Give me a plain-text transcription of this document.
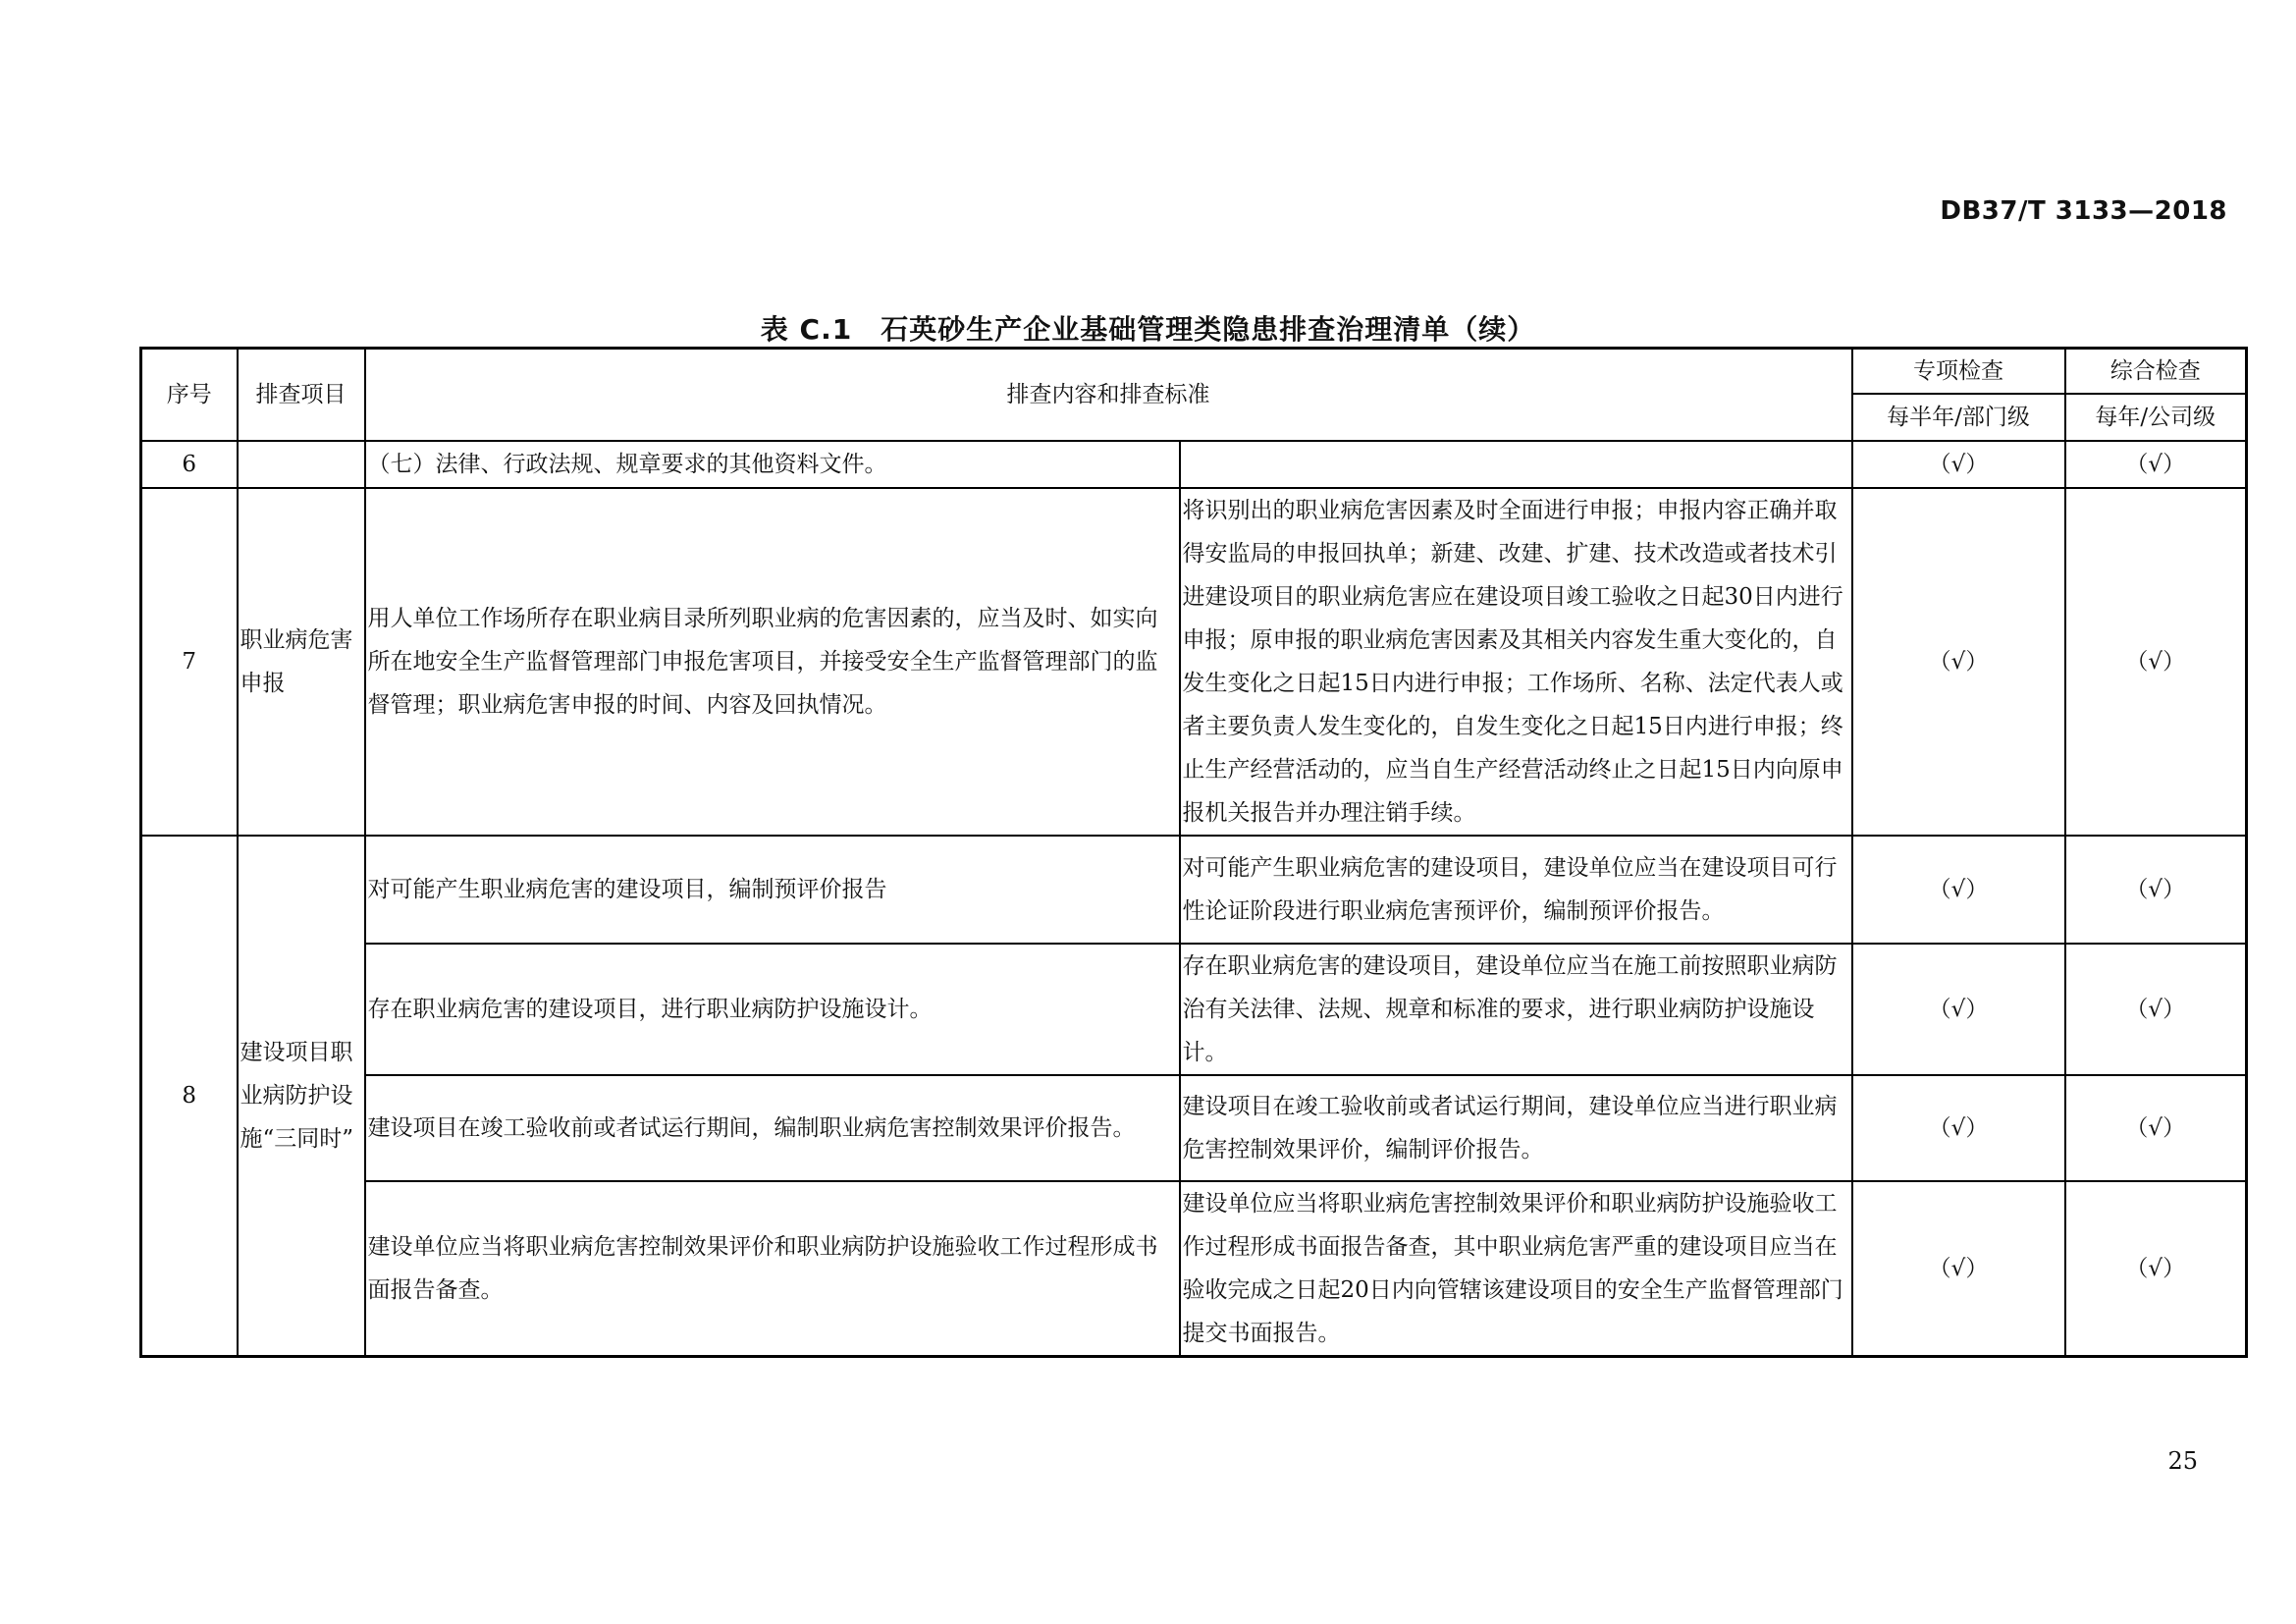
DB37/T 3133—2018
表 C.1　石英砂生产企业基础管理类隐患排查治理清单（续）
序号	排查项目	排查内容和排查标准		专项检查	综合检查
				每半年/部门级	每年/公司级
6		（七）法律、行政法规、规章要求的其他资料文件。		（√）	（√）
7	职业病危害申报	用人单位工作场所存在职业病目录所列职业病的危害因素的，应当及时、如实向所在地安全生产监督管理部门申报危害项目，并接受安全生产监督管理部门的监督管理；职业病危害申报的时间、内容及回执情况。	将识别出的职业病危害因素及时全面进行申报；申报内容正确并取得安监局的申报回执单；新建、改建、扩建、技术改造或者技术引进建设项目的职业病危害应在建设项目竣工验收之日起30日内进行申报；原申报的职业病危害因素及其相关内容发生重大变化的，自发生变化之日起15日内进行申报；工作场所、名称、法定代表人或者主要负责人发生变化的，自发生变化之日起15日内进行申报；终止生产经营活动的，应当自生产经营活动终止之日起15日内向原申报机关报告并办理注销手续。	（√）	（√）
8	建设项目职业病防护设施“三同时”	对可能产生职业病危害的建设项目，编制预评价报告	对可能产生职业病危害的建设项目，建设单位应当在建设项目可行性论证阶段进行职业病危害预评价，编制预评价报告。	（√）	（√）
		存在职业病危害的建设项目，进行职业病防护设施设计。	存在职业病危害的建设项目，建设单位应当在施工前按照职业病防治有关法律、法规、规章和标准的要求，进行职业病防护设施设计。	（√）	（√）
		建设项目在竣工验收前或者试运行期间，编制职业病危害控制效果评价报告。	建设项目在竣工验收前或者试运行期间，建设单位应当进行职业病危害控制效果评价，编制评价报告。	（√）	（√）
		建设单位应当将职业病危害控制效果评价和职业病防护设施验收工作过程形成书面报告备查。	建设单位应当将职业病危害控制效果评价和职业病防护设施验收工作过程形成书面报告备查，其中职业病危害严重的建设项目应当在验收完成之日起20日内向管辖该建设项目的安全生产监督管理部门提交书面报告。	（√）	（√）
25
